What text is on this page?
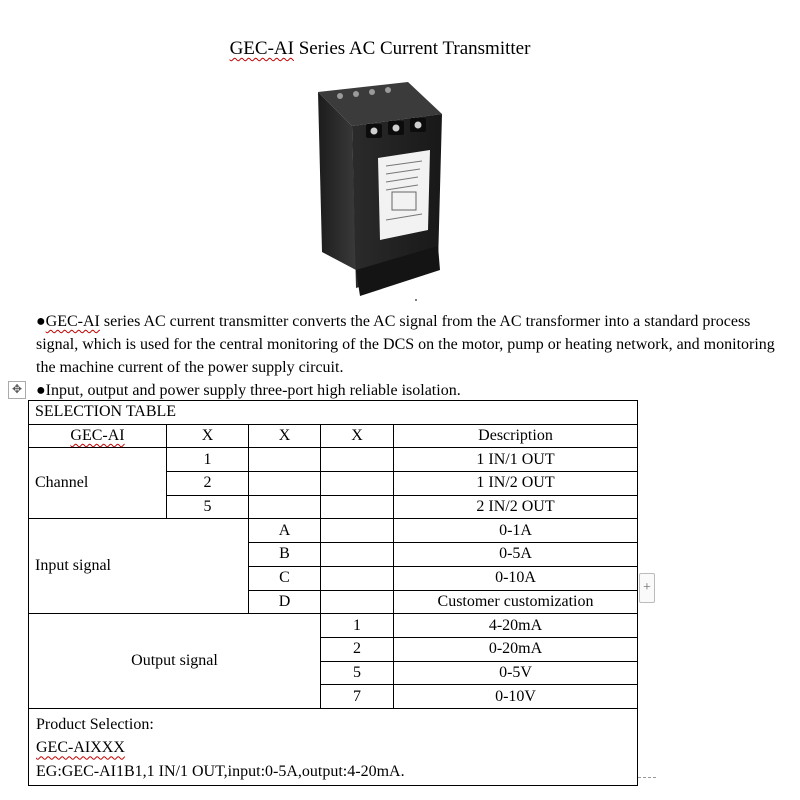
GEC-AI Series AC Current Transmitter

●GEC-AI series AC current transmitter converts the AC signal from the AC transformer into a standard process signal, which is used for the central monitoring of the DCS on the motor, pump or heating network, and monitoring the machine current of the power supply circuit.

●Input, output and power supply three-port high reliable isolation.

✥
SELECTION TABLE				
GEC-AI	X	X	X	Description
Channel	1			1 IN/1 OUT
	2			1 IN/2 OUT
	5			2 IN/2 OUT
Input signal		A		0-1A
		B		0-5A
		C		0-10A
		D		Customer customization
Output signal			1	4-20mA
			2	0-20mA
			5	0-5V
			7	0-10V

Product Selection:
GEC-AIXXX
EG:GEC-AI1B1,1 IN/1 OUT,input:0-5A,output:4-20mA.				
+
